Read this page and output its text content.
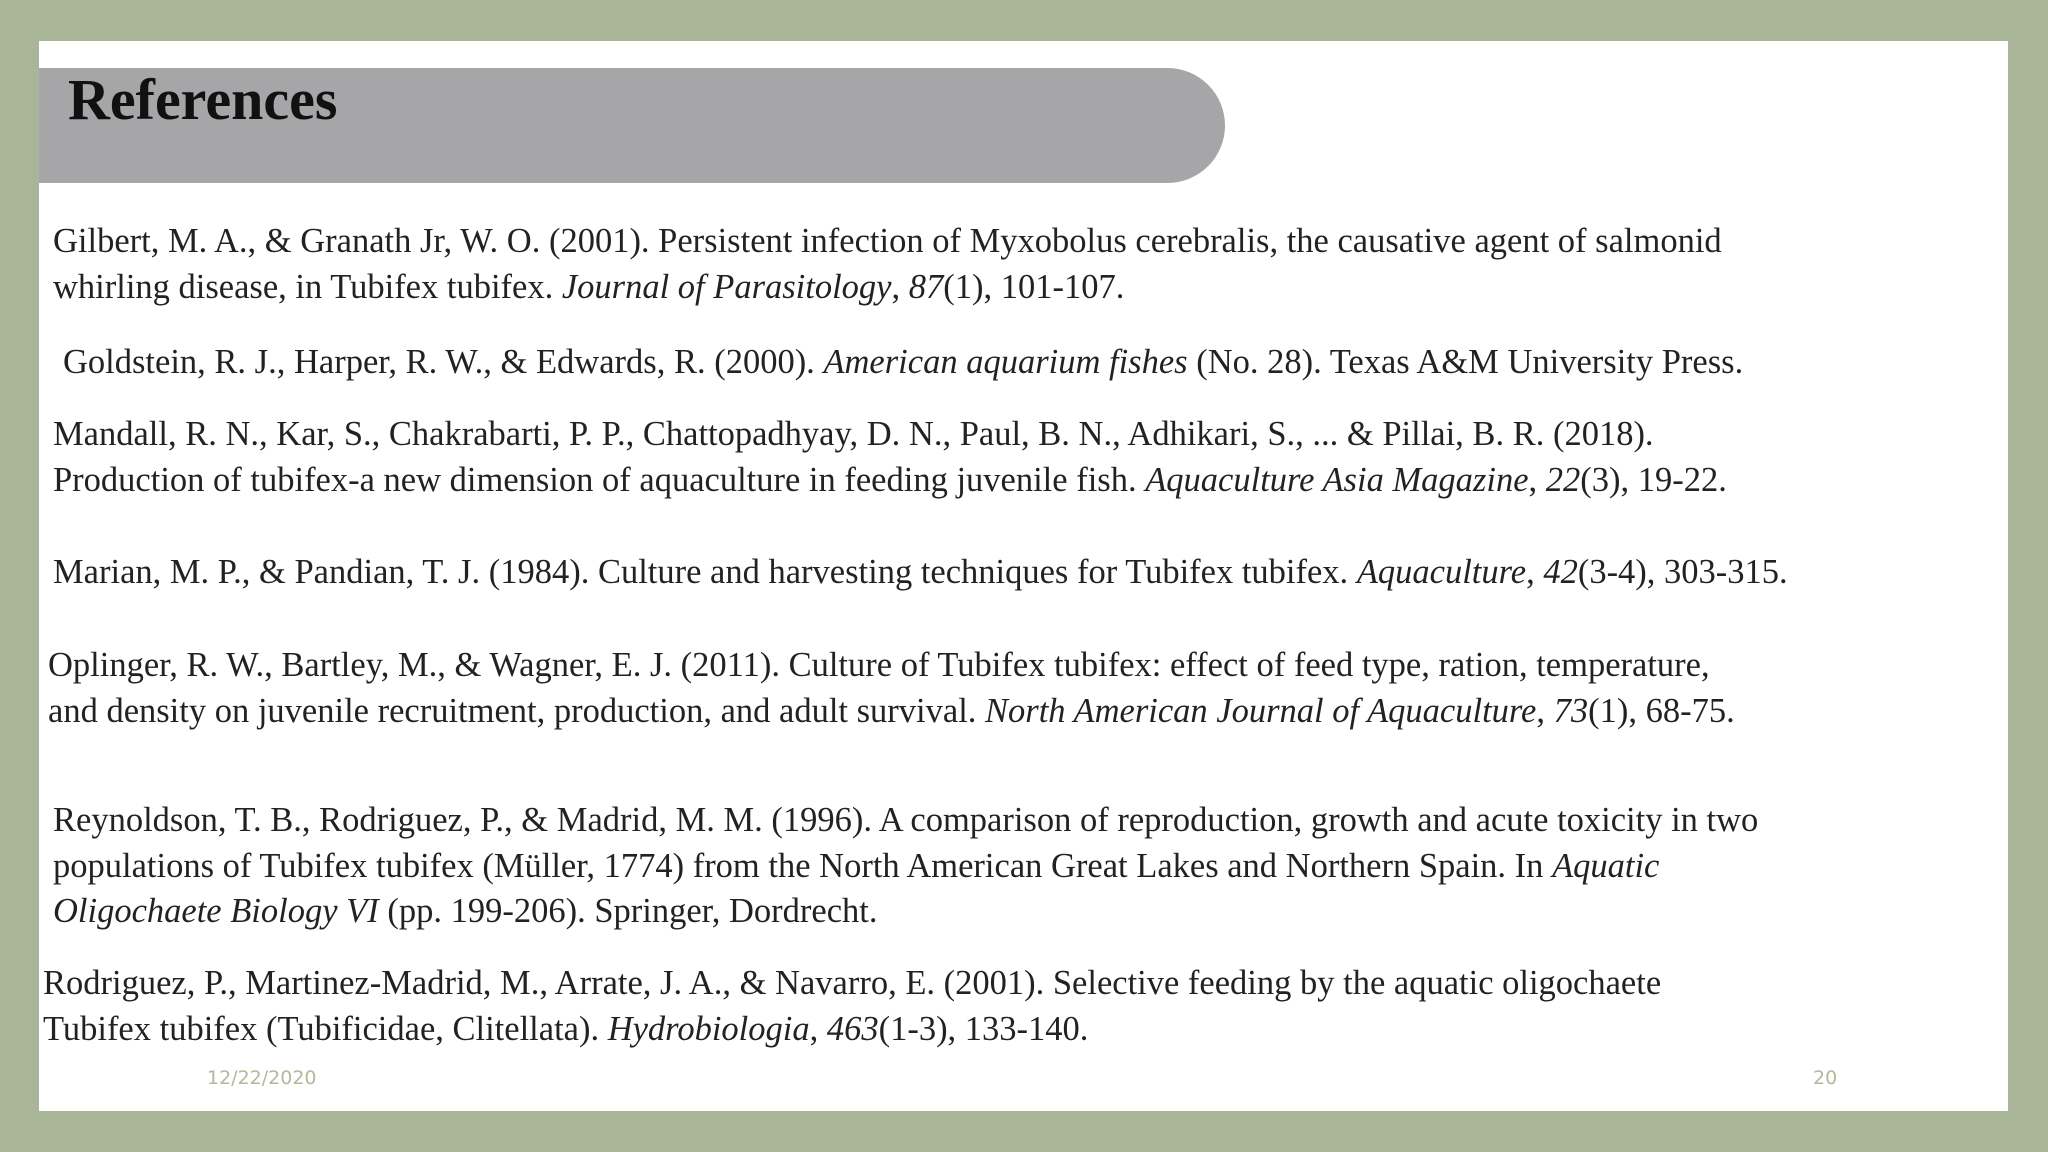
References

Gilbert, M. A., & Granath Jr, W. O. (2001). Persistent infection of Myxobolus cerebralis, the causative agent of salmonid
whirling disease, in Tubifex tubifex. Journal of Parasitology, 87(1), 101-107.

Goldstein, R. J., Harper, R. W., & Edwards, R. (2000). American aquarium fishes (No. 28). Texas A&M University Press.

Mandall, R. N., Kar, S., Chakrabarti, P. P., Chattopadhyay, D. N., Paul, B. N., Adhikari, S., ... & Pillai, B. R. (2018).
Production of tubifex-a new dimension of aquaculture in feeding juvenile fish. Aquaculture Asia Magazine, 22(3), 19-22.

Marian, M. P., & Pandian, T. J. (1984). Culture and harvesting techniques for Tubifex tubifex. Aquaculture, 42(3-4), 303-315.

Oplinger, R. W., Bartley, M., & Wagner, E. J. (2011). Culture of Tubifex tubifex: effect of feed type, ration, temperature,
and density on juvenile recruitment, production, and adult survival. North American Journal of Aquaculture, 73(1), 68-75.

Reynoldson, T. B., Rodriguez, P., & Madrid, M. M. (1996). A comparison of reproduction, growth and acute toxicity in two
populations of Tubifex tubifex (Müller, 1774) from the North American Great Lakes and Northern Spain. In Aquatic
Oligochaete Biology VI (pp. 199-206). Springer, Dordrecht.

Rodriguez, P., Martinez-Madrid, M., Arrate, J. A., & Navarro, E. (2001). Selective feeding by the aquatic oligochaete
Tubifex tubifex (Tubificidae, Clitellata). Hydrobiologia, 463(1-3), 133-140.

12/22/2020	20
